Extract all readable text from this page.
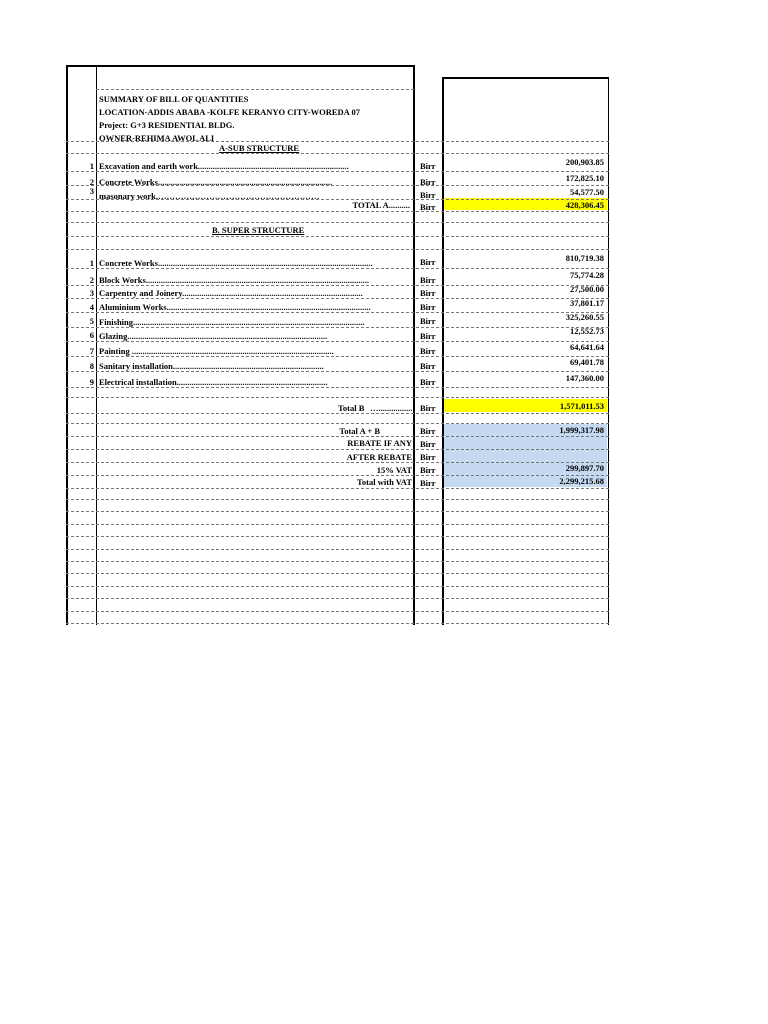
SUMMARY OF BILL OF QUANTITIES
LOCATION-ADDIS ABABA -KOLFE KERANYO CITY-WOREDA 07
Project: G+3 RESIDENTIAL BLDG.
OWNER-REHIMA AWOL ALI
A-SUB STRUCTURE
1 Excavation and earth work.......................................................................	Birr	200,903.85
2 Concrete Works..................................................................................	Birr	172,825.10
3 masonary work.…………………………………………………	Birr	54,577.50
TOTAL A.......... Birr	428,306.45
B. SUPER STRUCTURE
1 Concrete Works.....................................................................................................	Birr	810,719.38
2 Block Works.........................................................................................................	Birr	75,774.28
3 Carpentry and Joinery.....................................................................................	Birr	27,500.00
4 Aluminium Works................................................................................................	Birr	37,801.17
5 Finishing.............................................................................................................	Birr	325,260.55
6 Glazing..............................................................................................	Birr	12,552.73
7 Painting ...............................................................................................	Birr	64,641.64
8 Sanitary installation.......................................................................	Birr	69,401.78
9 Electrical installation.......................................................................	Birr	147,360.00
Total B …................ Birr	1,571,011.53
Total A + B	Birr	1,999,317.98
REBATE IF ANY Birr
AFTER REBATE Birr
15% VAT Birr	299,897.70
Total with VAT Birr	2,299,215.68
